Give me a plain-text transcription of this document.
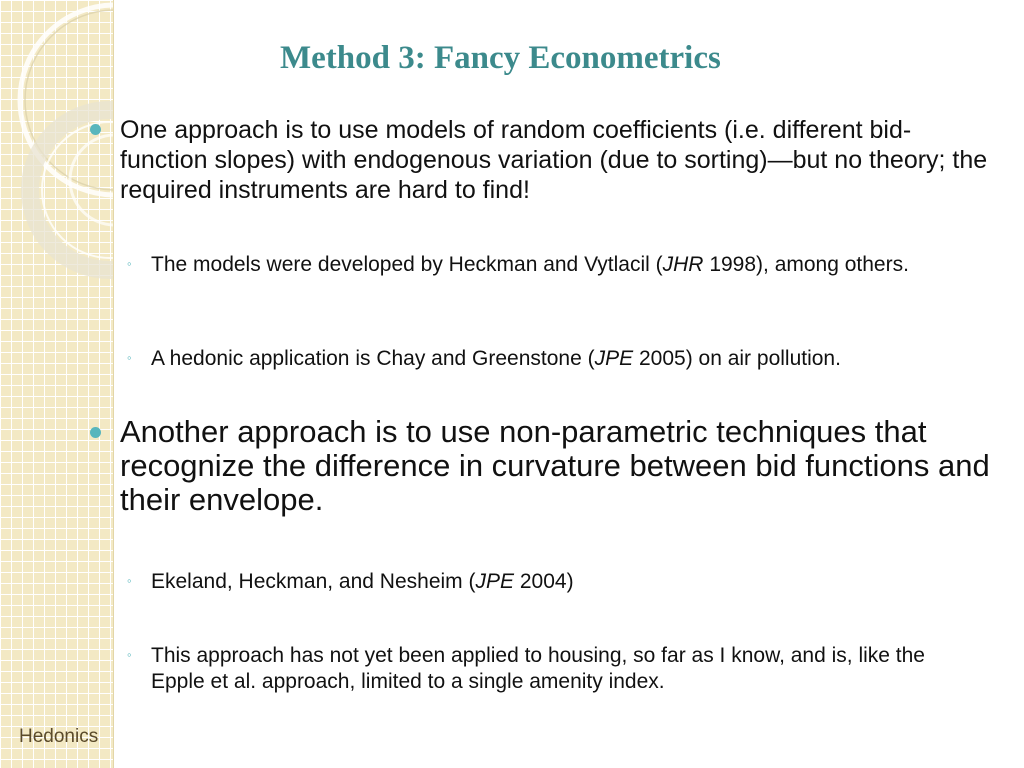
Hedonics
Method 3: Fancy Econometrics
One approach is to use models of random coefficients (i.e. different bid-function slopes) with endogenous variation (due to sorting)—but no theory; the required instruments are hard to find!
◦ The models were developed by Heckman and Vytlacil (JHR 1998), among others.
◦ A hedonic application is Chay and Greenstone (JPE 2005) on air pollution.
Another approach is to use non-parametric techniques that recognize the difference in curvature between bid functions and their envelope.
◦ Ekeland, Heckman, and Nesheim (JPE 2004)
◦ This approach has not yet been applied to housing, so far as I know, and is, like the Epple et al. approach, limited to a single amenity index.
